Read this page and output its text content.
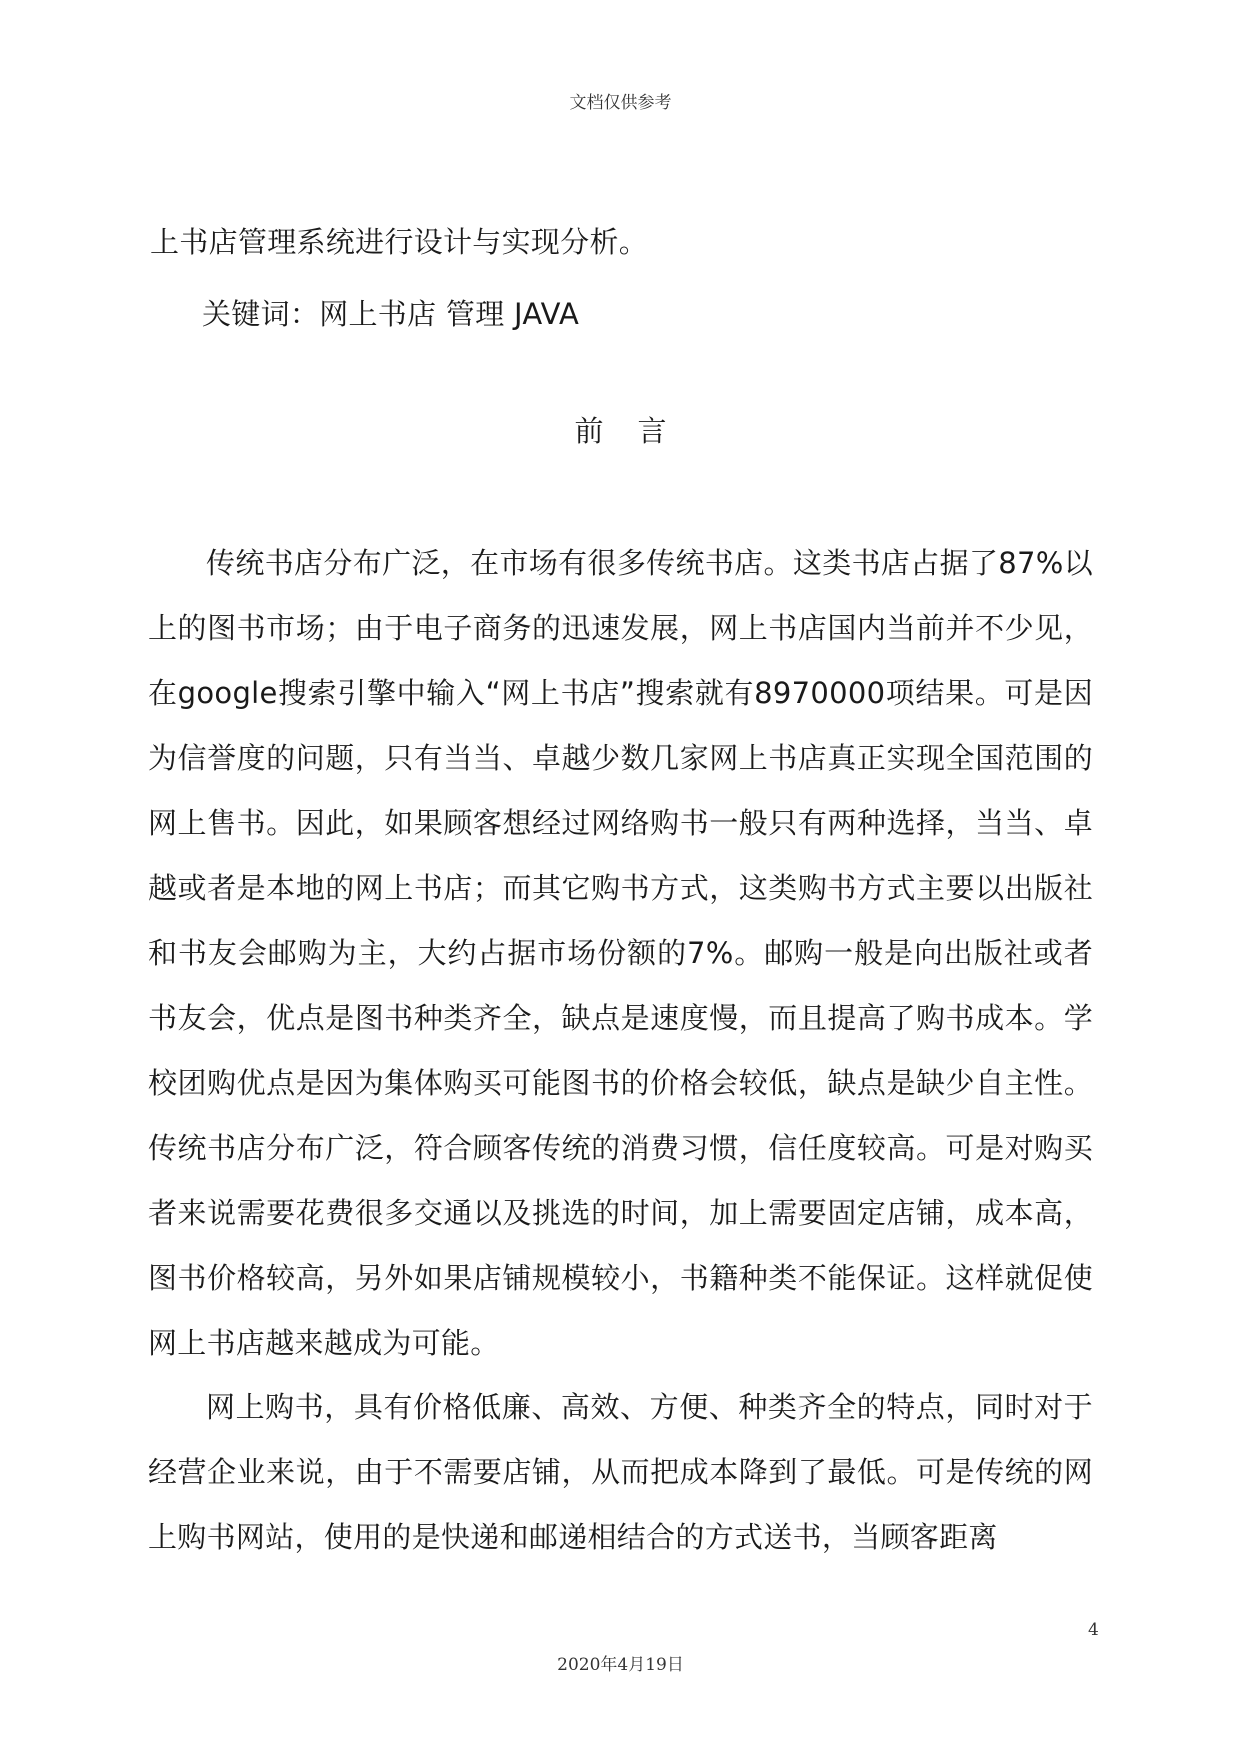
文档仅供参考
上书店管理系统进行设计与实现分析。
关键词：网上书店 管理 JAVA
前言
传统书店分布广泛，在市场有很多传统书店。这类书店占据了87%以上的图书市场；由于电子商务的迅速发展，网上书店国内当前并不少见，在google搜索引擎中输入“网上书店”搜索就有8970000项结果。可是因为信誉度的问题，只有当当、卓越少数几家网上书店真正实现全国范围的网上售书。因此，如果顾客想经过网络购书一般只有两种选择，当当、卓越或者是本地的网上书店；而其它购书方式，这类购书方式主要以出版社和书友会邮购为主，大约占据市场份额的7%。邮购一般是向出版社或者书友会，优点是图书种类齐全，缺点是速度慢，而且提高了购书成本。学校团购优点是因为集体购买可能图书的价格会较低，缺点是缺少自主性。传统书店分布广泛，符合顾客传统的消费习惯，信任度较高。可是对购买者来说需要花费很多交通以及挑选的时间，加上需要固定店铺，成本高，图书价格较高，另外如果店铺规模较小，书籍种类不能保证。这样就促使网上书店越来越成为可能。
网上购书，具有价格低廉、高效、方便、种类齐全的特点，同时对于经营企业来说，由于不需要店铺，从而把成本降到了最低。可是传统的网上购书网站，使用的是快递和邮递相结合的方式送书，当顾客距离
4
2020年4月19日
